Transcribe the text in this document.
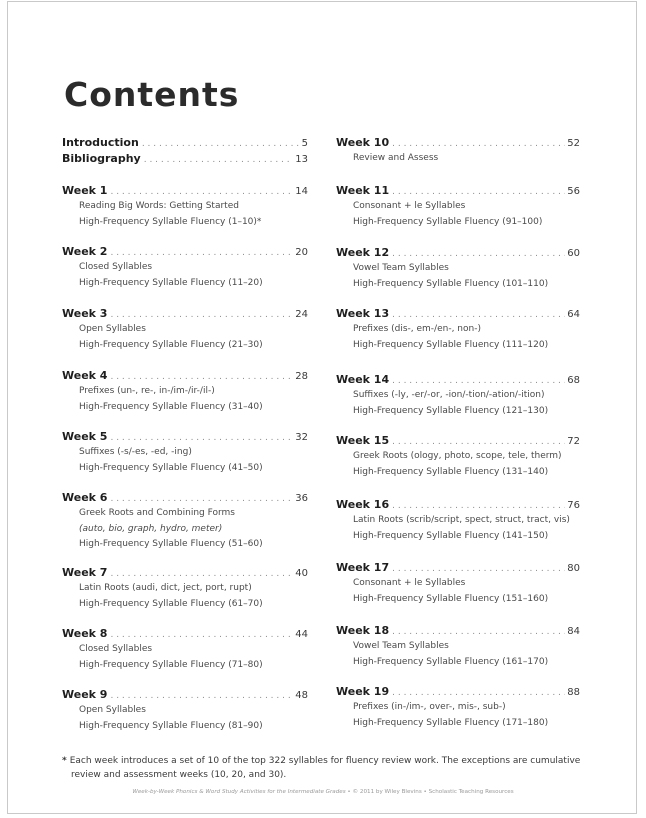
Contents
Introduction . . .	5
Bibliography . . .	13
Week 1 . . .	14
Reading Big Words: Getting Started
High-Frequency Syllable Fluency (1–10)*
Week 2 . . .	20
Closed Syllables
High-Frequency Syllable Fluency (11–20)
Week 3 . . .	24
Open Syllables
High-Frequency Syllable Fluency (21–30)
Week 4 . . .	28
Prefixes (un-, re-, in-/im-/ir-/il-)
High-Frequency Syllable Fluency (31–40)
Week 5 . . .	32
Suffixes (-s/-es, -ed, -ing)
High-Frequency Syllable Fluency (41–50)
Week 6 . . .	36
Greek Roots and Combining Forms
(auto, bio, graph, hydro, meter)
High-Frequency Syllable Fluency (51–60)
Week 7 . . .	40
Latin Roots (audi, dict, ject, port, rupt)
High-Frequency Syllable Fluency (61–70)
Week 8 . . .	44
Closed Syllables
High-Frequency Syllable Fluency (71–80)
Week 9 . . .	48
Open Syllables
High-Frequency Syllable Fluency (81–90)
Week 10 . . .	52
Review and Assess
Week 11 . . .	56
Consonant + le Syllables
High-Frequency Syllable Fluency (91–100)
Week 12 . . .	60
Vowel Team Syllables
High-Frequency Syllable Fluency (101–110)
Week 13 . . .	64
Prefixes (dis-, em-/en-, non-)
High-Frequency Syllable Fluency (111–120)
Week 14 . . .	68
Suffixes (-ly, -er/-or, -ion/-tion/-ation/-ition)
High-Frequency Syllable Fluency (121–130)
Week 15 . . .	72
Greek Roots (ology, photo, scope, tele, therm)
High-Frequency Syllable Fluency (131–140)
Week 16 . . .	76
Latin Roots (scrib/script, spect, struct, tract, vis)
High-Frequency Syllable Fluency (141–150)
Week 17 . . .	80
Consonant + le Syllables
High-Frequency Syllable Fluency (151–160)
Week 18 . . .	84
Vowel Team Syllables
High-Frequency Syllable Fluency (161–170)
Week 19 . . .	88
Prefixes (in-/im-, over-, mis-, sub-)
High-Frequency Syllable Fluency (171–180)
* Each week introduces a set of 10 of the top 322 syllables for fluency review work. The exceptions are cumulative
review and assessment weeks (10, 20, and 30).
Week-by-Week Phonics & Word Study Activities for the Intermediate Grades • © 2011 by Wiley Blevins • Scholastic Teaching Resources
